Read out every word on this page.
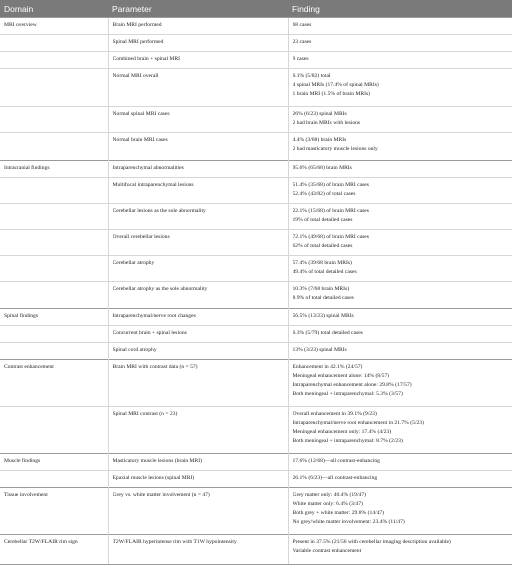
Domain	Parameter	Finding

MRI overview	Brain MRI performed	68 cases

	Spinal MRI performed	23 cases

	Combined brain + spinal MRI	9 cases

	Normal MRI overall	6.1% (5/82) total
4 spinal MRIs (17.4% of spinal MRIs)
1 brain MRI (1.5% of brain MRIs)

	Normal spinal MRI cases	26% (6/23) spinal MRIs
2 had brain MRIs with lesions

	Normal brain MRI cases	4.4% (3/68) brain MRIs
2 had masticatory muscle lesions only

Intracranial findings	Intraparenchymal abnormalities	95.6% (65/68) brain MRIs

	Multifocal intraparenchymal lesions	51.4% (35/68) of brain MRI cases
52.4% (43/82) of total cases

	Cerebellar lesions as the sole abnormality	22.1% (15/68) of brain MRI cases
19% of total detailed cases

	Overall cerebellar lesions	72.1% (49/68) of brain MRI cases
62% of total detailed cases

	Cerebellar atrophy	57.4% (39/68 brain MRIs)
49.4% of total detailed cases

	Cerebellar atrophy as the sole abnormality	10.3% (7/68 brain MRIs)
8.9% of total detailed cases

Spinal findings	Intraparenchymal/nerve root changes	56.5% (13/23) spinal MRIs

	Concurrent brain + spinal lesions	6.3% (5/79) total detailed cases

	Spinal cord atrophy	13% (3/23) spinal MRIs

Contrast enhancement	Brain MRI with contrast data (n = 57)	Enhancement in 42.1% (24/57)
Meningeal enhancement alone: 14% (8/57)
Intraparenchymal enhancement alone: 29.8% (17/57)
Both meningeal + intraparenchymal: 5.3% (3/57)

	Spinal MRI contrast (n = 23)	Overall enhancement in 39.1% (9/23)
Intraparenchymal/nerve root enhancement in 21.7% (5/23)
Meningeal enhancement only: 17.4% (4/23)
Both meningeal + intraparenchymal: 8.7% (2/23)

Muscle findings	Masticatory muscle lesions (brain MRI)	17.6% (12/68)—all contrast-enhancing

	Epaxial muscle lesions (spinal MRI)	26.1% (6/23)—all contrast-enhancing

Tissue involvement	Grey vs. white matter involvement (n = 47)	Grey matter only: 40.4% (19/47)
White matter only: 6.4% (3/47)
Both grey + white matter: 29.8% (14/47)
No grey/white matter involvement: 23.4% (11/47)

Cerebellar T2W/FLAIR rim sign	T2W/FLAIR hyperintense rim with T1W hypointensity	Present in 37.5% (21/56 with cerebellar imaging description available)
Variable contrast enhancement
